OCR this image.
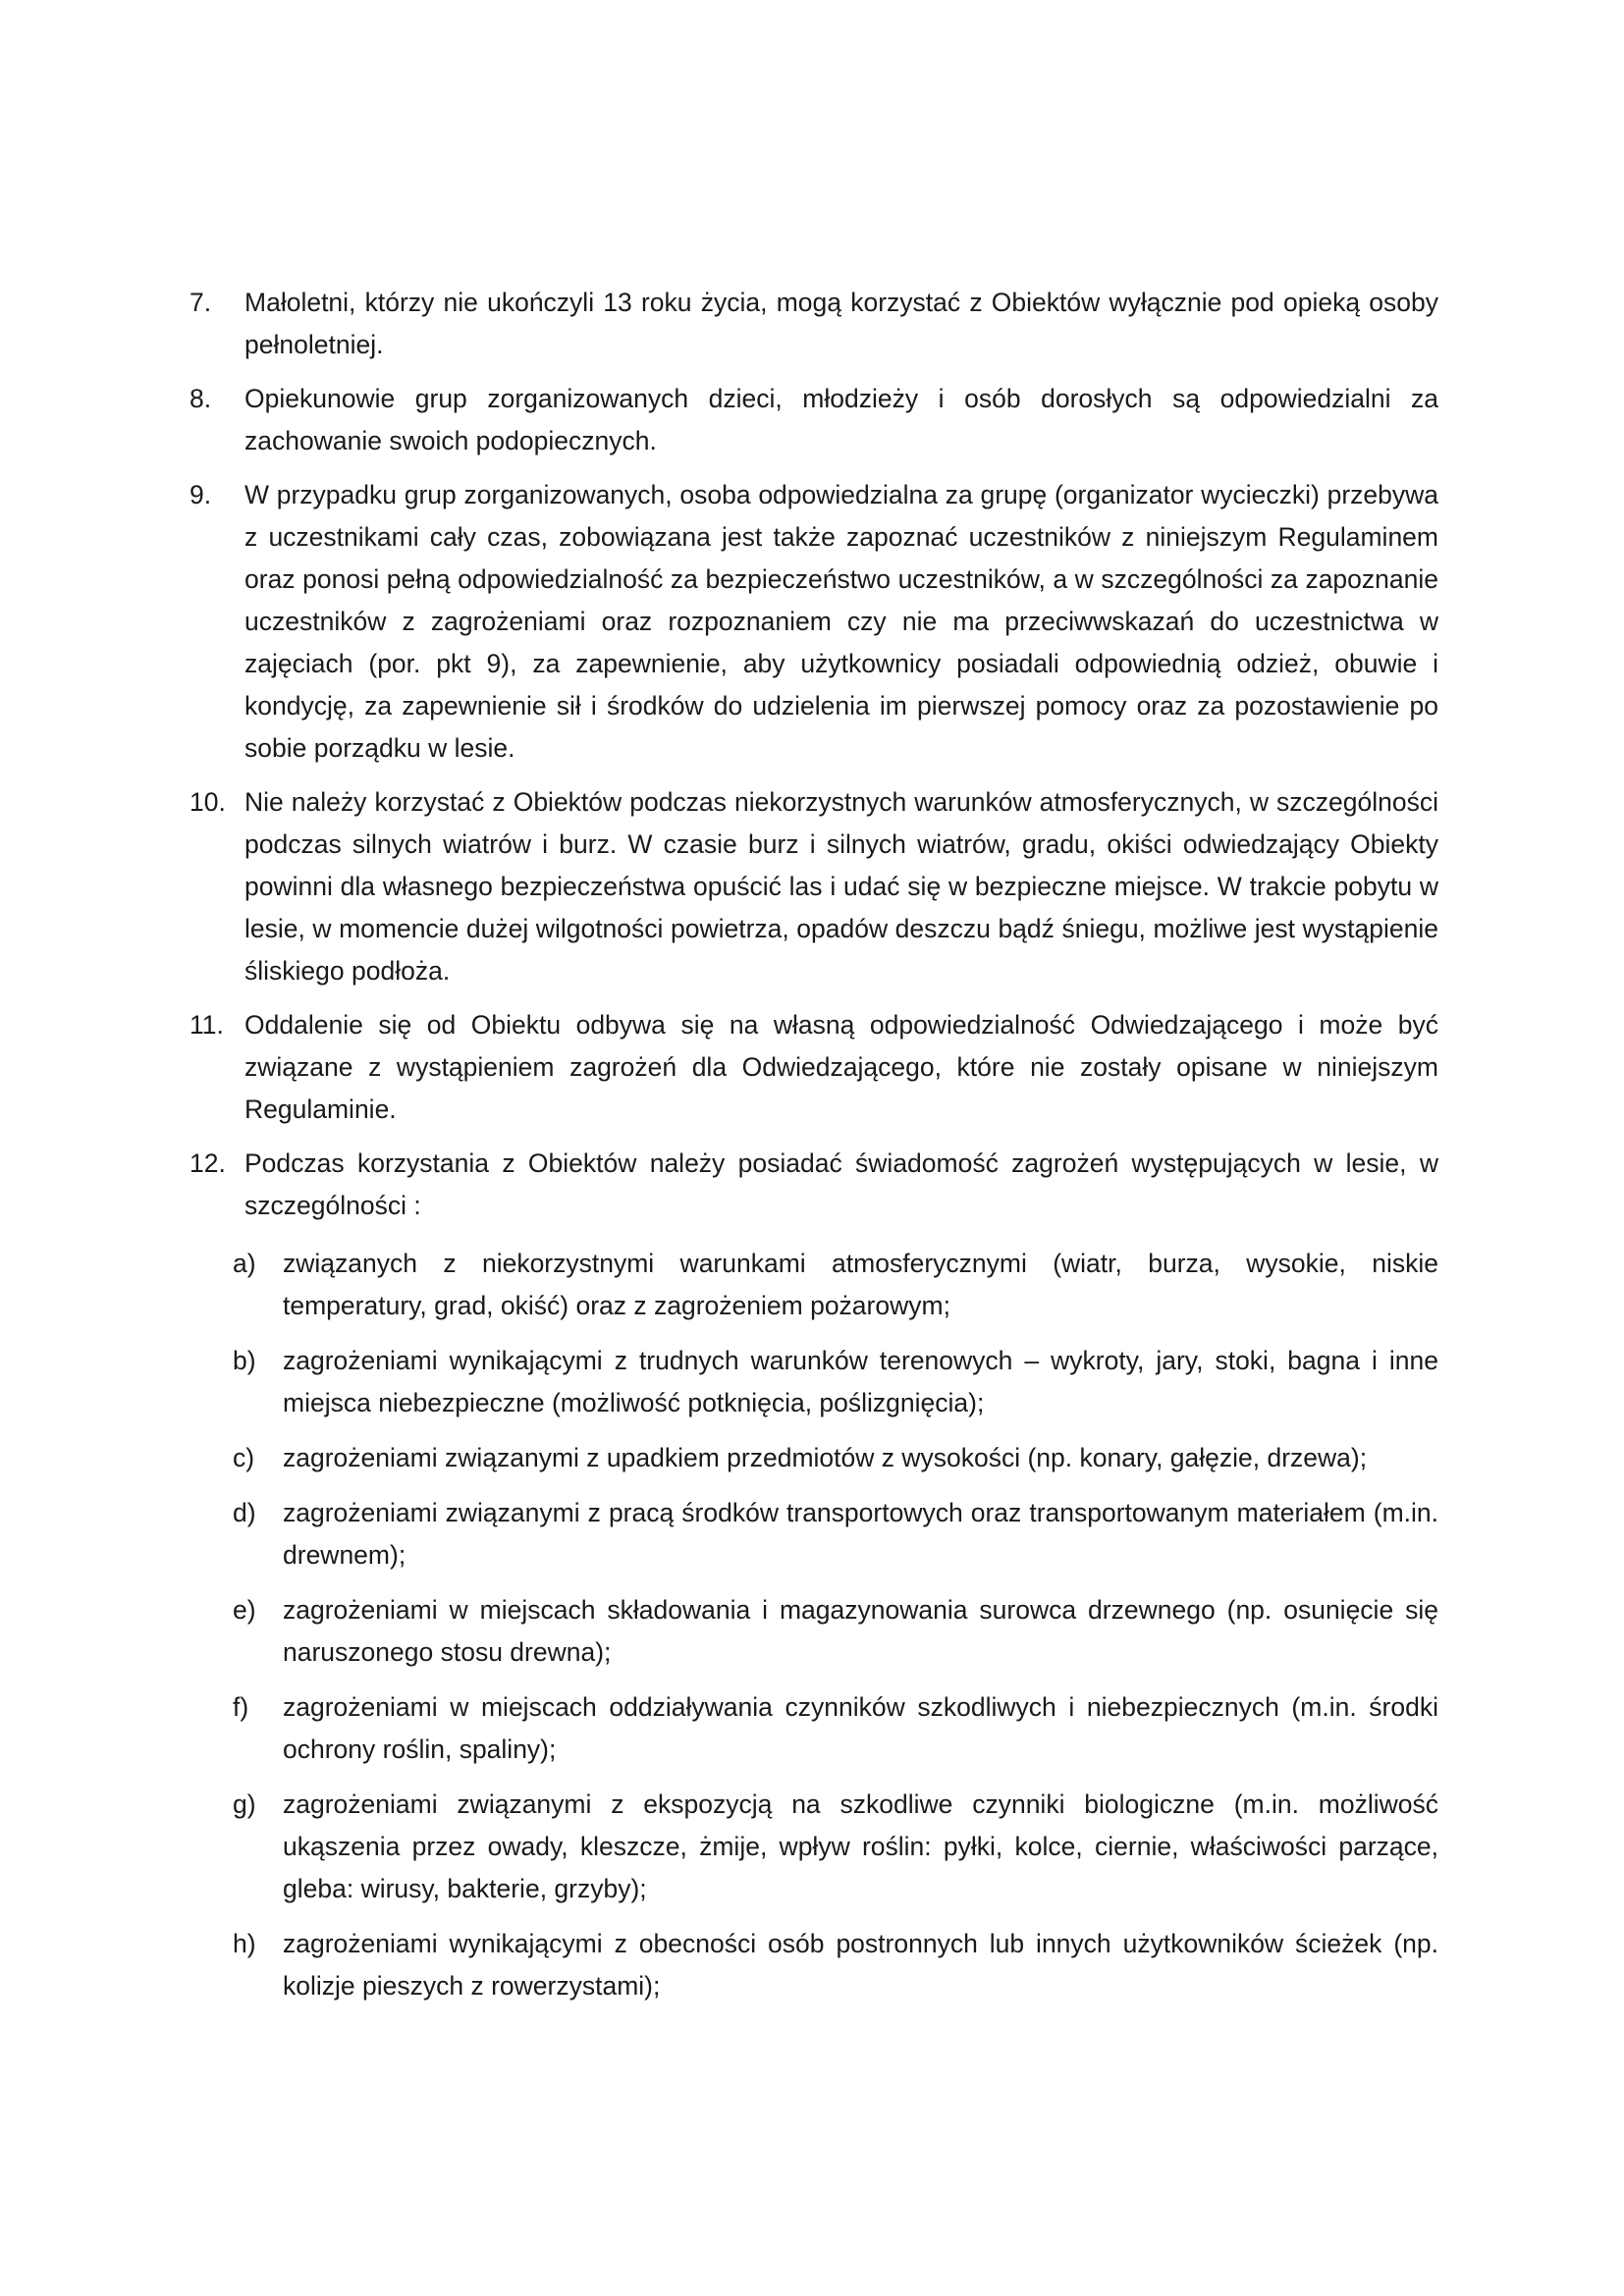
7.	Małoletni, którzy nie ukończyli 13 roku życia, mogą korzystać z Obiektów wyłącznie pod opieką osoby pełnoletniej.
8.	Opiekunowie grup zorganizowanych dzieci, młodzieży i osób dorosłych są odpowiedzialni za zachowanie swoich podopiecznych.
9.	W przypadku grup zorganizowanych, osoba odpowiedzialna za grupę (organizator wycieczki) przebywa z uczestnikami cały czas, zobowiązana jest także zapoznać uczestników z niniejszym Regulaminem oraz ponosi pełną odpowiedzialność za bezpieczeństwo uczestników, a w szczególności za zapoznanie uczestników z zagrożeniami oraz rozpoznaniem czy nie ma przeciwwskazań do uczestnictwa w zajęciach (por. pkt 9), za zapewnienie, aby użytkownicy posiadali odpowiednią odzież, obuwie i kondycję, za zapewnienie sił i środków do udzielenia im pierwszej pomocy oraz za pozostawienie po sobie porządku w lesie.
10. Nie należy korzystać z Obiektów podczas niekorzystnych warunków atmosferycznych, w szczególności podczas silnych wiatrów i burz. W czasie burz i silnych wiatrów, gradu, okiści odwiedzający Obiekty powinni dla własnego bezpieczeństwa opuścić las i udać się w bezpieczne miejsce. W trakcie pobytu w lesie, w momencie dużej wilgotności powietrza, opadów deszczu bądź śniegu, możliwe jest wystąpienie śliskiego podłoża.
11. Oddalenie się od Obiektu odbywa się na własną odpowiedzialność Odwiedzającego i może być związane z wystąpieniem zagrożeń dla Odwiedzającego, które nie zostały opisane w niniejszym Regulaminie.
12. Podczas korzystania z Obiektów należy posiadać świadomość zagrożeń występujących w lesie, w szczególności :
a)	związanych z niekorzystnymi warunkami atmosferycznymi (wiatr, burza, wysokie, niskie temperatury, grad, okiść) oraz z zagrożeniem pożarowym;
b)	zagrożeniami wynikającymi z trudnych warunków terenowych – wykroty, jary, stoki, bagna i inne miejsca niebezpieczne (możliwość potknięcia, poślizgnięcia);
c)	zagrożeniami związanymi z upadkiem przedmiotów z wysokości (np. konary, gałęzie, drzewa);
d)	zagrożeniami związanymi z pracą środków transportowych oraz transportowanym materiałem (m.in. drewnem);
e)	zagrożeniami w miejscach składowania i magazynowania surowca drzewnego (np. osunięcie się naruszonego stosu drewna);
f)	zagrożeniami w miejscach oddziaływania czynników szkodliwych i niebezpiecznych (m.in. środki ochrony roślin, spaliny);
g)	zagrożeniami związanymi z ekspozycją na szkodliwe czynniki biologiczne (m.in. możliwość ukąszenia przez owady, kleszcze, żmije, wpływ roślin: pyłki, kolce, ciernie, właściwości parzące, gleba: wirusy, bakterie, grzyby);
h)	zagrożeniami wynikającymi z obecności osób postronnych lub innych użytkowników ścieżek (np. kolizje pieszych z rowerzystami);
